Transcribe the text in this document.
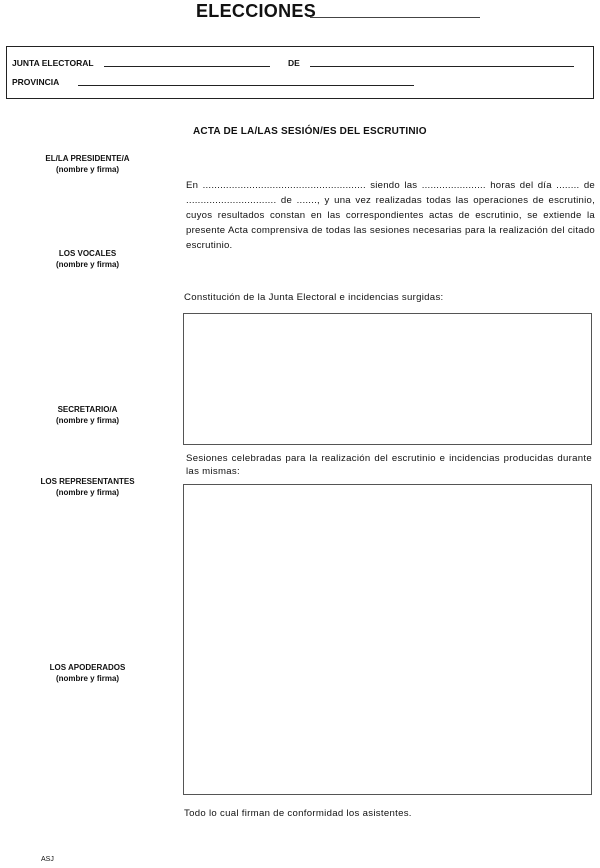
ELECCIONES
JUNTA ELECTORAL	DE
PROVINCIA
ACTA DE LA/LAS SESIÓN/ES DEL ESCRUTINIO
EL/LA PRESIDENTE/A
(nombre y firma)
LOS VOCALES
(nombre y firma)
SECRETARIO/A
(nombre y firma)
LOS REPRESENTANTES
(nombre y firma)
LOS APODERADOS
(nombre y firma)
En ........................................................ siendo las ...................... horas del día ........ de ............................... de ......., y una vez realizadas todas las operaciones de escrutinio, cuyos resultados constan en las correspondientes actas de escrutinio, se extiende la presente Acta comprensiva de todas las sesiones necesarias para la realización del citado escrutinio.
Constitución de la Junta Electoral e incidencias surgidas:
Sesiones celebradas para la realización del escrutinio e incidencias producidas durante las mismas:
Todo lo cual firman de conformidad los asistentes.
ASJ
